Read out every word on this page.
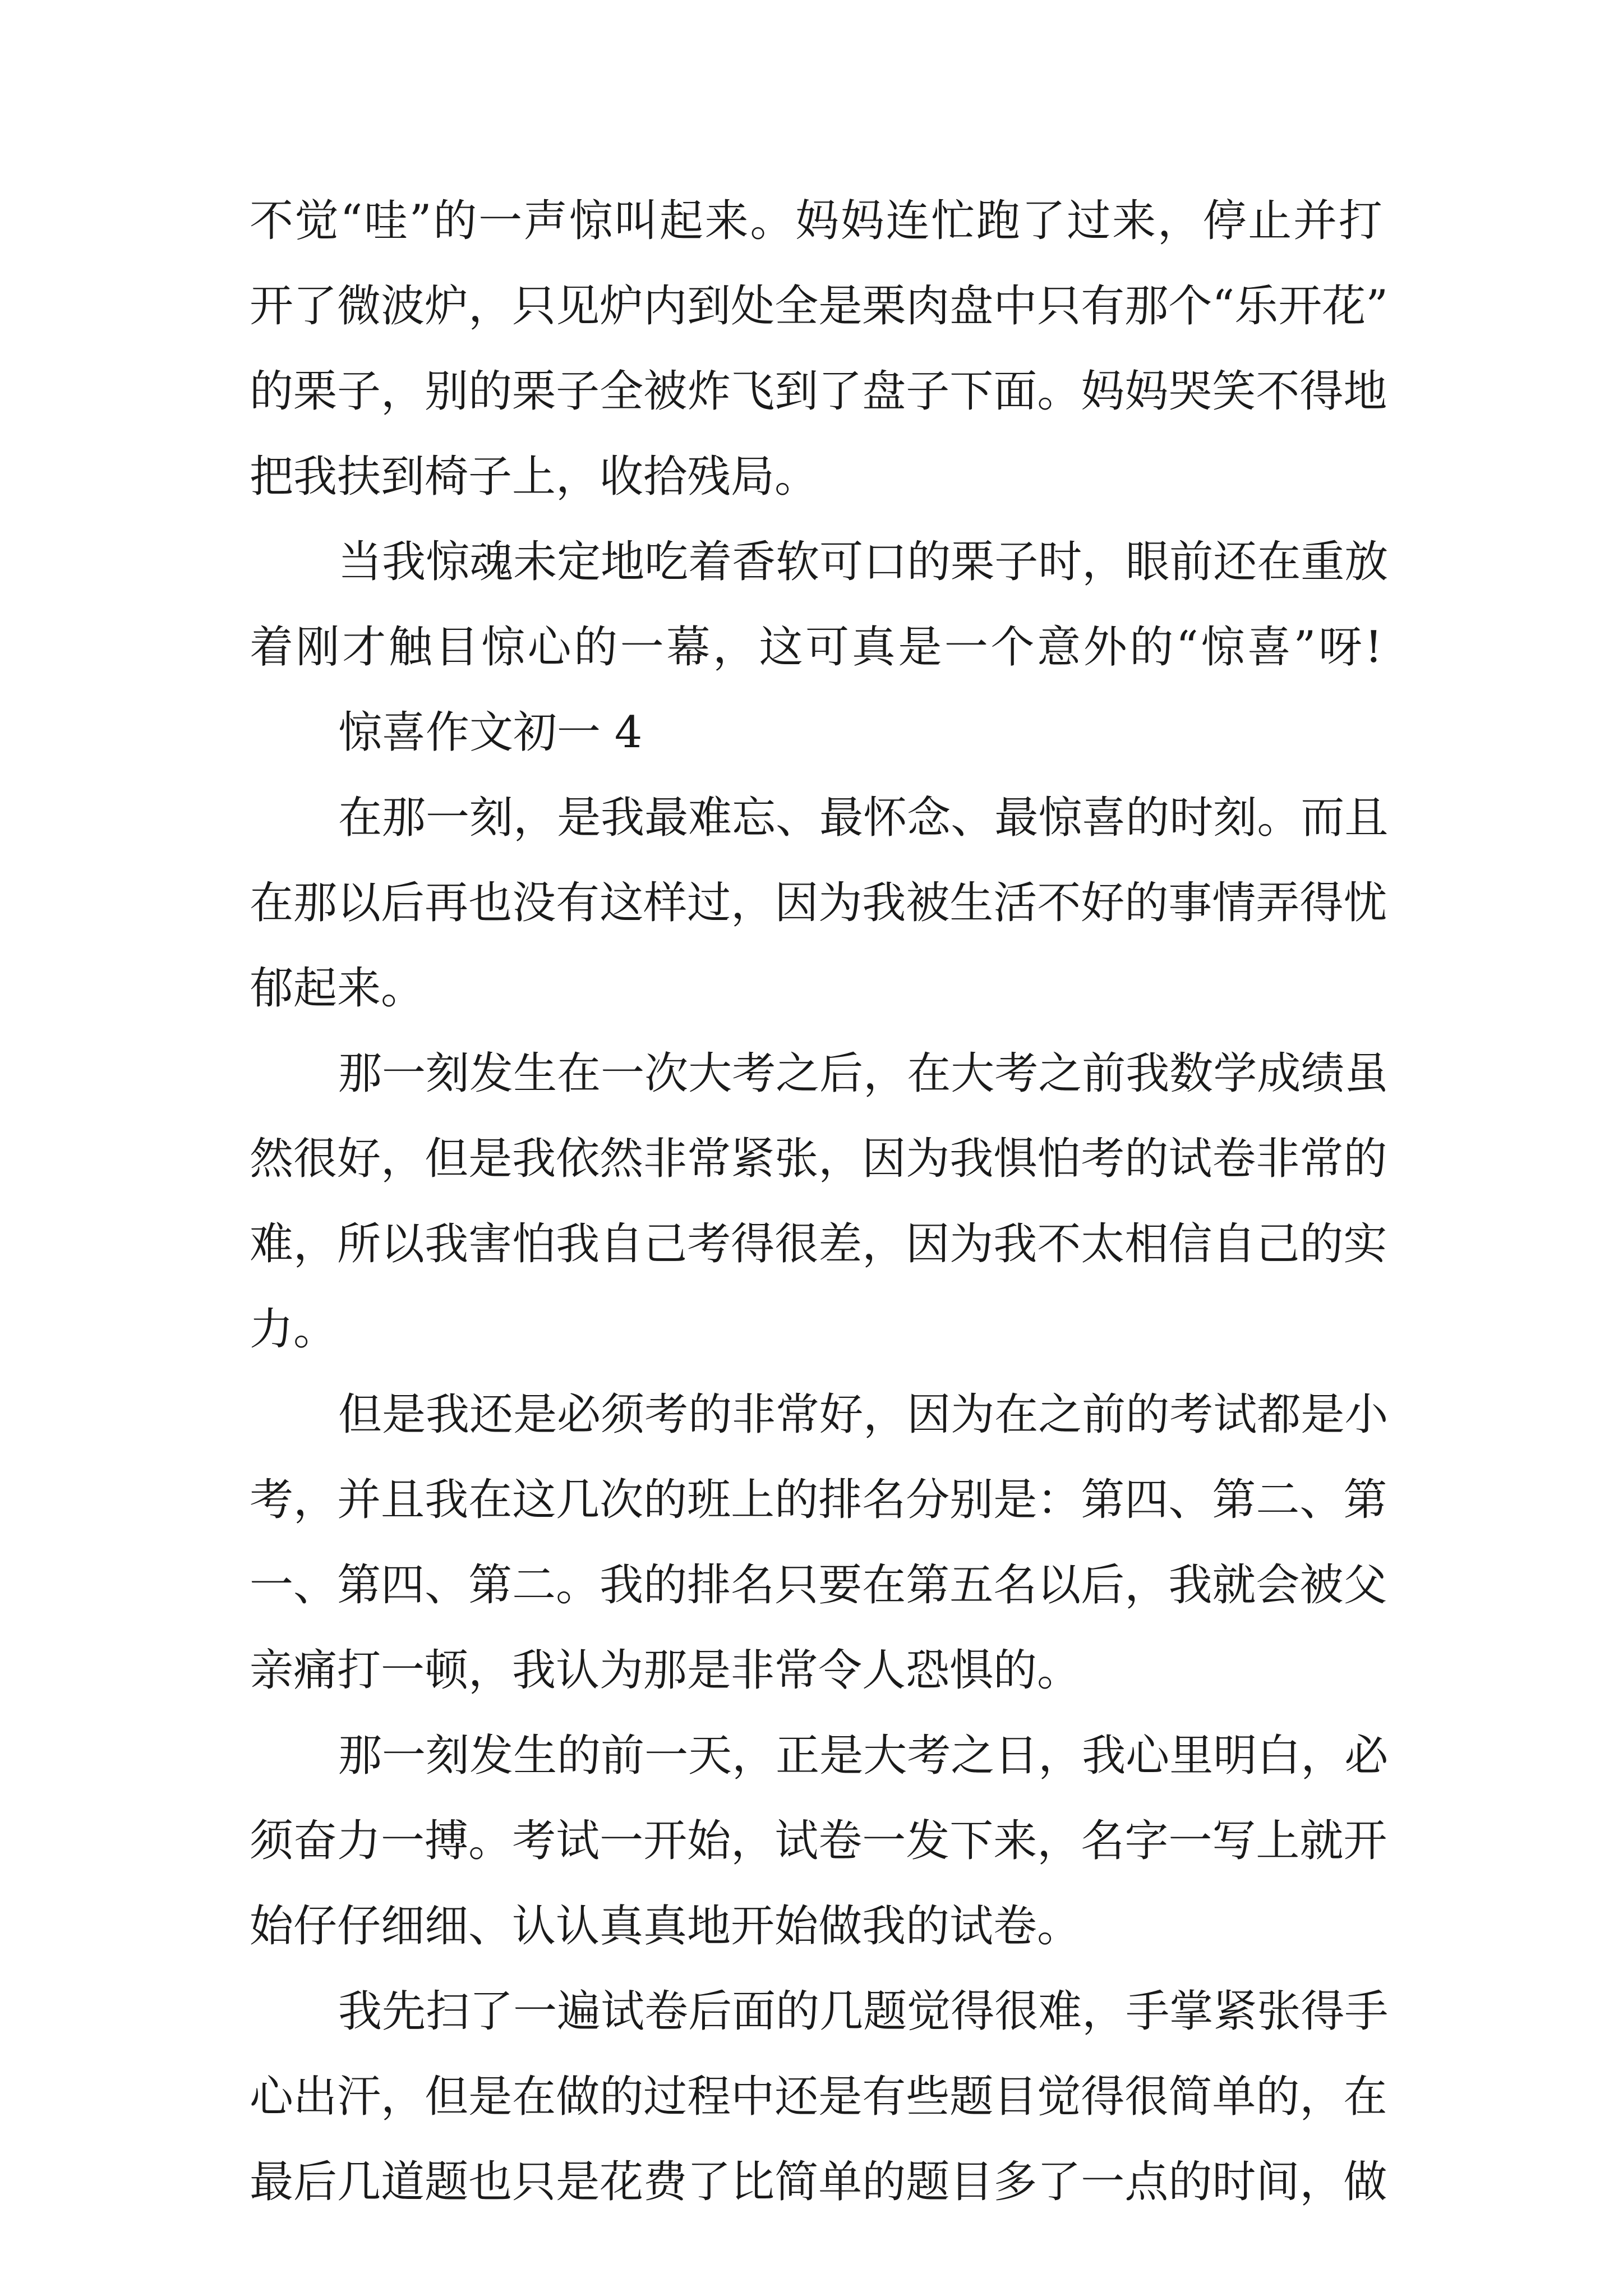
不 觉 “ 哇 ” 的 一 声 惊 叫 起 来 。 妈 妈 连 忙 跑 了 过 来 ， 停 止 并 打
开 了 微 波 炉 ， 只 见 炉 内 到 处 全 是 栗 肉 盘 中 只 有 那 个 “ 乐 开 花 ”
的 栗 子 ， 别 的 栗 子 全 被 炸 飞 到 了 盘 子 下 面 。 妈 妈 哭 笑 不 得 地
把我扶到椅子上，收拾残局。
当 我 惊 魂 未 定 地 吃 着 香 软 可 口 的 栗 子 时 ， 眼 前 还 在 重 放
着 刚 才 触 目 惊 心 的 一 幕 ， 这 可 真 是 一 个 意 外 的 “ 惊 喜 ” 呀 !
惊喜作文初一 4
在 那 一 刻 ， 是 我 最 难 忘 、 最 怀 念 、 最 惊 喜 的 时 刻 。 而 且
在 那 以 后 再 也 没 有 这 样 过 ， 因 为 我 被 生 活 不 好 的 事 情 弄 得 忧
郁起来。
那 一 刻 发 生 在 一 次 大 考 之 后 ， 在 大 考 之 前 我 数 学 成 绩 虽
然 很 好 ， 但 是 我 依 然 非 常 紧 张 ， 因 为 我 惧 怕 考 的 试 卷 非 常 的
难 ， 所 以 我 害 怕 我 自 己 考 得 很 差 ， 因 为 我 不 太 相 信 自 己 的 实
力。
但 是 我 还 是 必 须 考 的 非 常 好 ， 因 为 在 之 前 的 考 试 都 是 小
考 ， 并 且 我 在 这 几 次 的 班 上 的 排 名 分 别 是 ： 第 四 、 第 二 、 第
一 、 第 四 、 第 二 。 我 的 排 名 只 要 在 第 五 名 以 后 ， 我 就 会 被 父
亲痛打一顿，我认为那是非常令人恐惧的。
那 一 刻 发 生 的 前 一 天 ， 正 是 大 考 之 日 ， 我 心 里 明 白 ， 必
须 奋 力 一 搏 。 考 试 一 开 始 ， 试 卷 一 发 下 来 ， 名 字 一 写 上 就 开
始仔仔细细、认认真真地开始做我的试卷。
我 先 扫 了 一 遍 试 卷 后 面 的 几 题 觉 得 很 难 ， 手 掌 紧 张 得 手
心 出 汗 ， 但 是 在 做 的 过 程 中 还 是 有 些 题 目 觉 得 很 简 单 的 ， 在
最 后 几 道 题 也 只 是 花 费 了 比 简 单 的 题 目 多 了 一 点 的 时 间 ， 做
